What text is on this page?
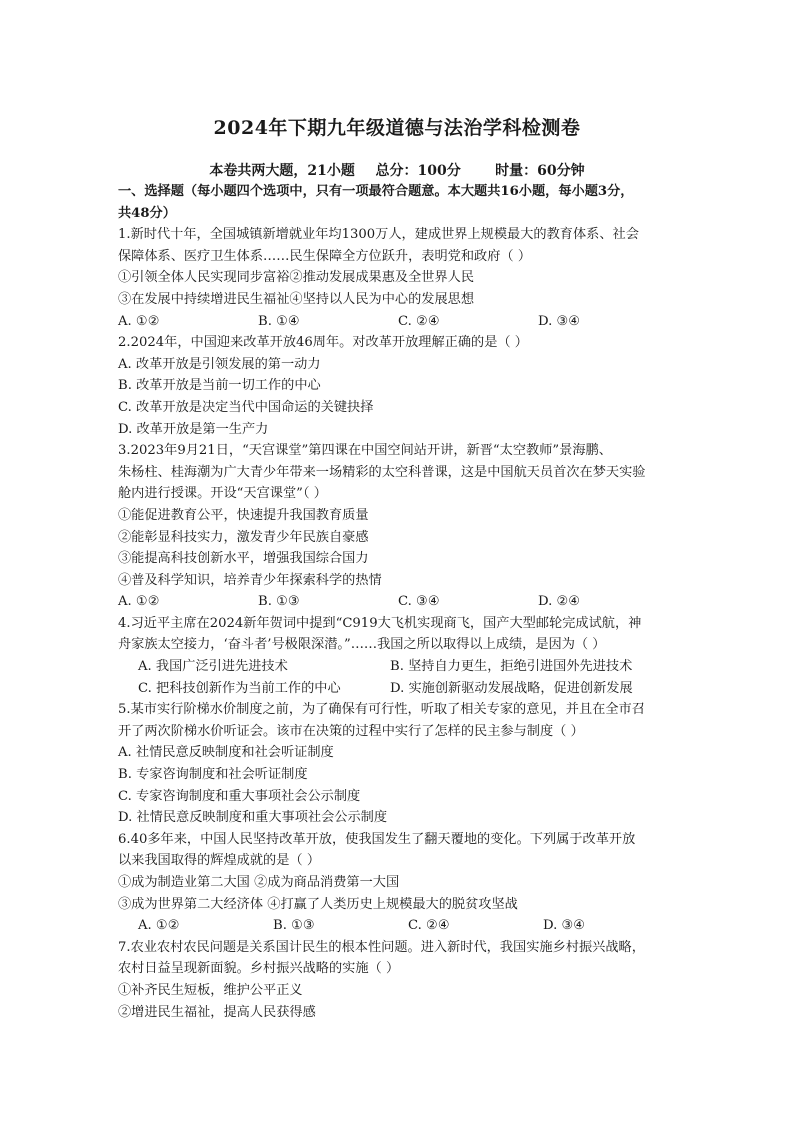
2024年下期九年级道德与法治学科检测卷
本卷共两大题，21小题   总分：100分     时量：60分钟
一、选择题（每小题四个选项中，只有一项最符合题意。本大题共16小题，每小题3分，
共48分）
1.新时代十年，全国城镇新增就业年均1300万人，建成世界上规模最大的教育体系、社会
保障体系、医疗卫生体系……民生保障全方位跃升，表明党和政府（ ）
①引领全体人民实现同步富裕②推动发展成果惠及全世界人民
③在发展中持续增进民生福祉④坚持以人民为中心的发展思想
A. ①②	B. ①④	C. ②④	D. ③④
2.2024年，中国迎来改革开放46周年。对改革开放理解正确的是（ ）
A. 改革开放是引领发展的第一动力
B. 改革开放是当前一切工作的中心
C. 改革开放是决定当代中国命运的关键抉择
D. 改革开放是第一生产力
3.2023年9月21日，“天宫课堂”第四课在中国空间站开讲，新晋“太空教师”景海鹏、
朱杨柱、桂海潮为广大青少年带来一场精彩的太空科普课，这是中国航天员首次在梦天实验
舱内进行授课。开设“天宫课堂”（ ）
①能促进教育公平，快速提升我国教育质量
②能彰显科技实力，激发青少年民族自豪感
③能提高科技创新水平，增强我国综合国力
④普及科学知识，培养青少年探索科学的热情
A. ①②	B. ①③	C. ③④	D. ②④
4.习近平主席在2024新年贺词中提到“C919大飞机实现商飞，国产大型邮轮完成试航，神
舟家族太空接力，‘奋斗者’号极限深潜。”……我国之所以取得以上成绩，是因为（ ）
A. 我国广泛引进先进技术	B. 坚持自力更生，拒绝引进国外先进技术
C. 把科技创新作为当前工作的中心	D. 实施创新驱动发展战略，促进创新发展
5.某市实行阶梯水价制度之前，为了确保有可行性，听取了相关专家的意见，并且在全市召
开了两次阶梯水价听证会。该市在决策的过程中实行了怎样的民主参与制度（ ）
A. 社情民意反映制度和社会听证制度
B. 专家咨询制度和社会听证制度
C. 专家咨询制度和重大事项社会公示制度
D. 社情民意反映制度和重大事项社会公示制度
6.40多年来，中国人民坚持改革开放，使我国发生了翻天覆地的变化。下列属于改革开放
以来我国取得的辉煌成就的是（ ）
①成为制造业第二大国 ②成为商品消费第一大国
③成为世界第二大经济体 ④打赢了人类历史上规模最大的脱贫攻坚战
A. ①②	B. ①③	C. ②④	D. ③④
7.农业农村农民问题是关系国计民生的根本性问题。进入新时代，我国实施乡村振兴战略，
农村日益呈现新面貌。乡村振兴战略的实施（ ）
①补齐民生短板，维护公平正义
②增进民生福祉，提高人民获得感
